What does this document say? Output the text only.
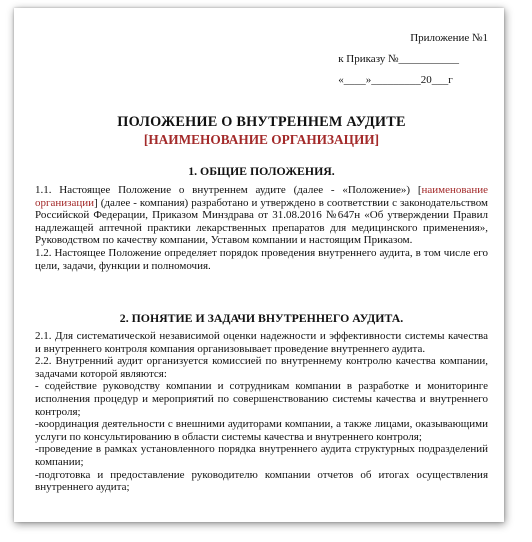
Приложение №1
к Приказу №___________
«____»_________20___г
ПОЛОЖЕНИЕ О ВНУТРЕННЕМ АУДИТЕ
[НАИМЕНОВАНИЕ ОРГАНИЗАЦИИ]
1. ОБЩИЕ ПОЛОЖЕНИЯ.

1.1. Настоящее Положение о внутреннем аудите (далее - «Положение») [наименование организации] (далее - компания) разработано и утверждено в соответствии с законодательством Российской Федерации, Приказом Минздрава от 31.08.2016 №647н «Об утверждении Правил надлежащей аптечной практики лекарственных препаратов для медицинского применения», Руководством по качеству компании, Уставом компании и настоящим Приказом.

1.2. Настоящее Положение определяет порядок проведения внутреннего аудита, в том числе его цели, задачи, функции и полномочия.

2. ПОНЯТИЕ И ЗАДАЧИ ВНУТРЕННЕГО АУДИТА.

2.1. Для систематической независимой оценки надежности и эффективности системы качества и внутреннего контроля компания организовывает проведение внутреннего аудита.

2.2. Внутренний аудит организуется комиссией по внутреннему контролю качества компании, задачами которой являются:

- содействие руководству компании и сотрудникам компании в разработке и мониторинге исполнения процедур и мероприятий по совершенствованию системы качества и внутреннего контроля;

-координация деятельности с внешними аудиторами компании, а также лицами, оказывающими услуги по консультированию в области системы качества и внутреннего контроля;

-проведение в рамках установленного порядка внутреннего аудита структурных подразделений компании;

-подготовка и предоставление руководителю компании отчетов об итогах осуществления внутреннего аудита;
